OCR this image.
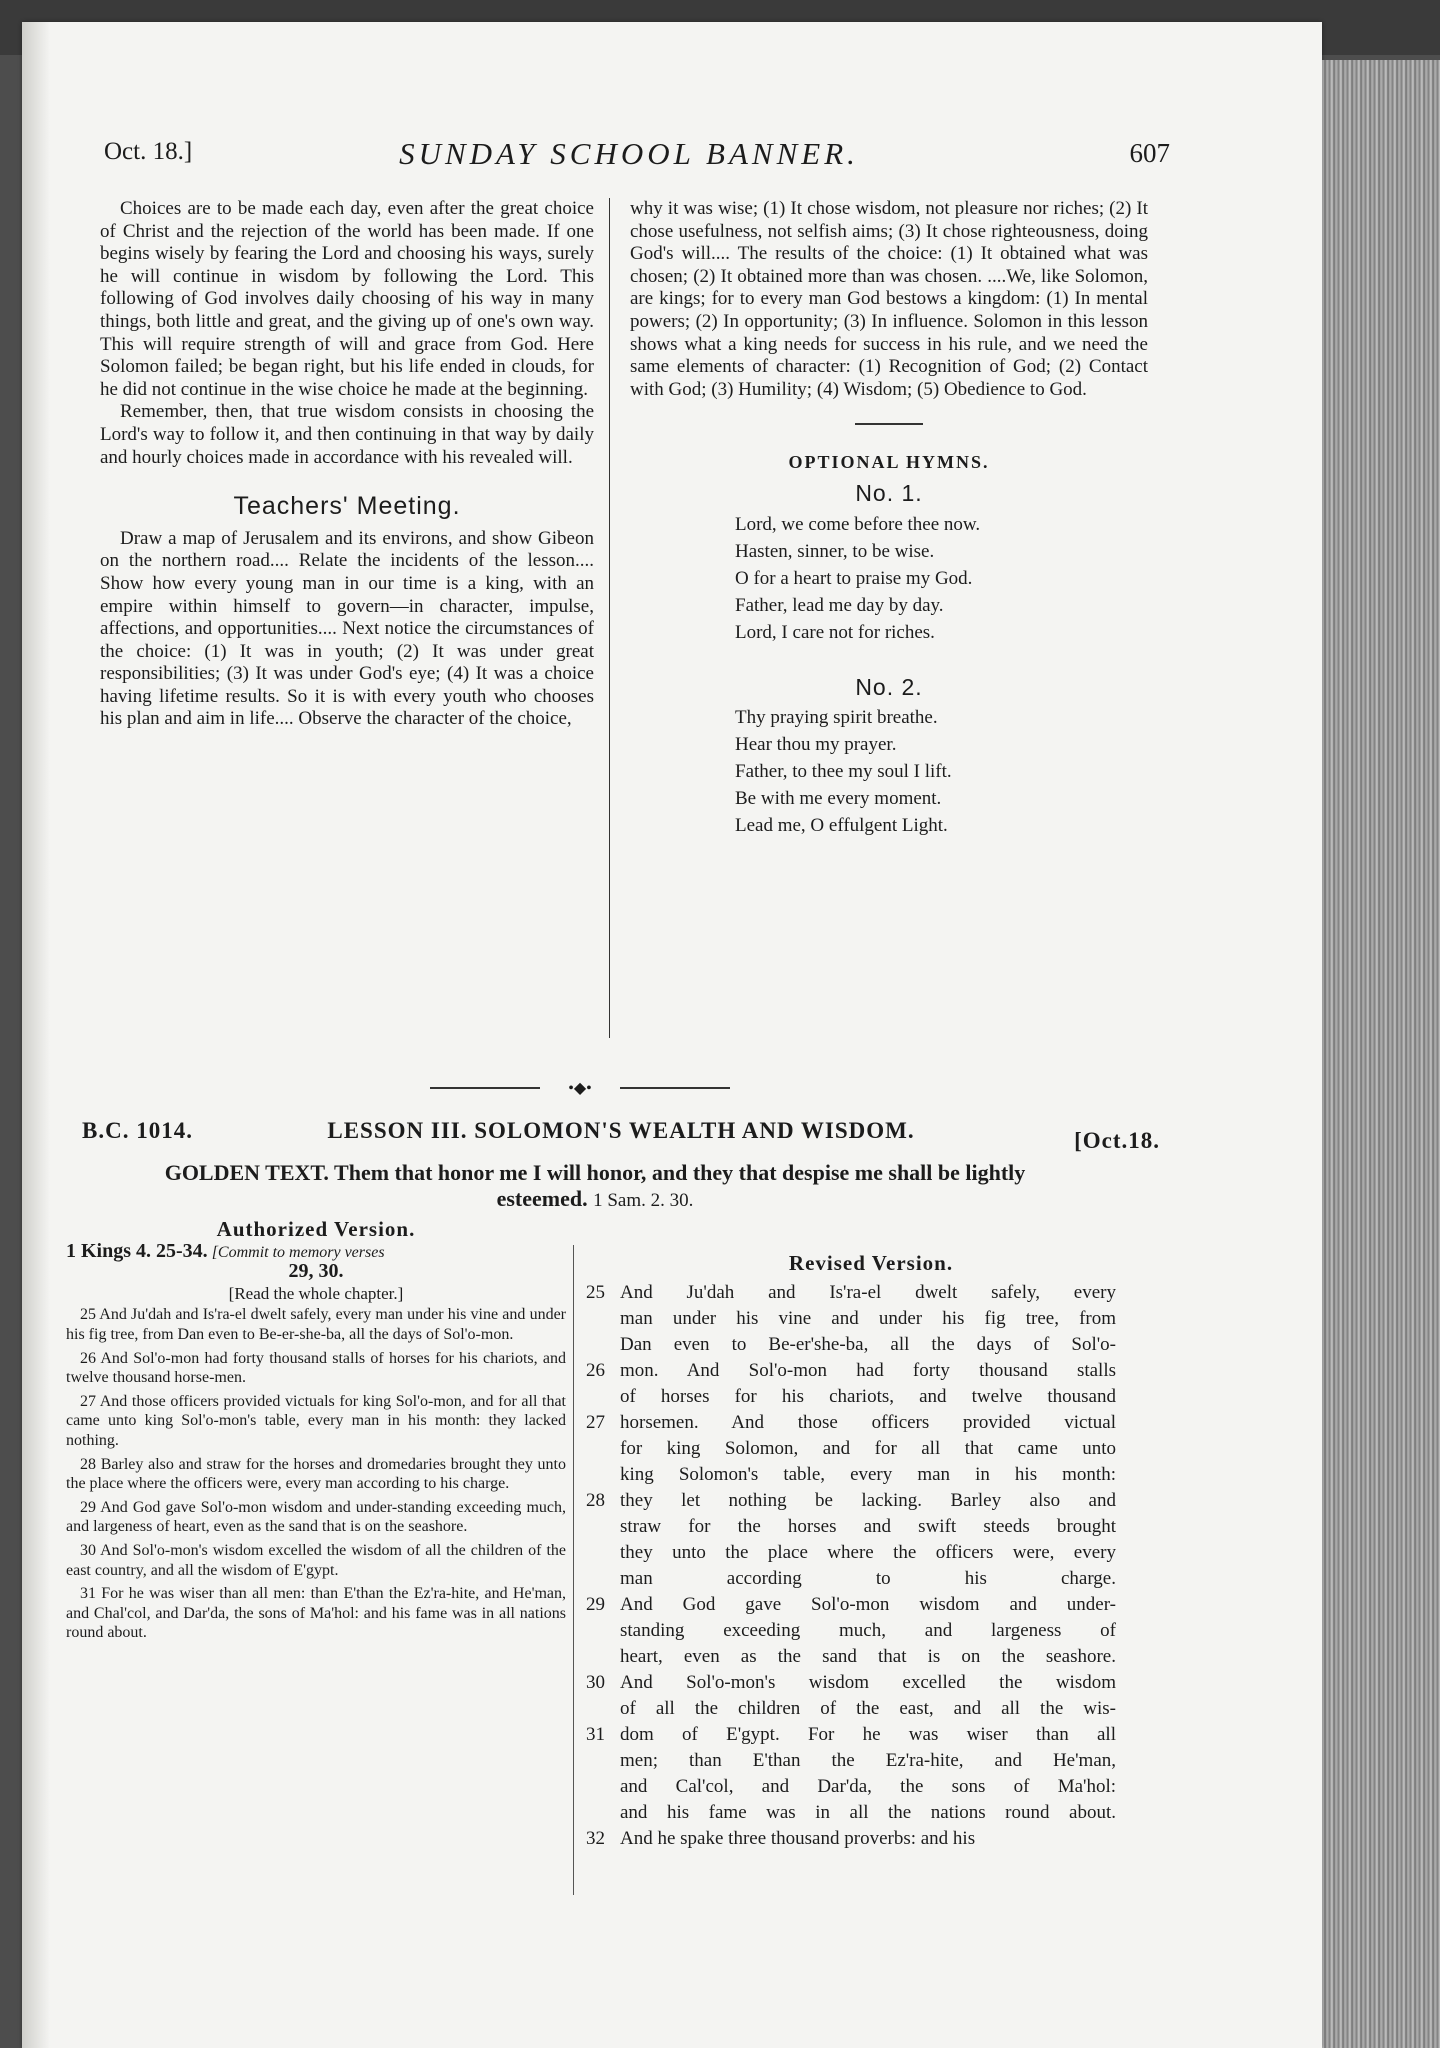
Oct. 18.]	SUNDAY SCHOOL BANNER.	607

Choices are to be made each day, even after the great choice of Christ and the rejection of the world has been made. If one begins wisely by fearing the Lord and choosing his ways, surely he will continue in wisdom by following the Lord. This following of God involves daily choosing of his way in many things, both little and great, and the giving up of one's own way. This will require strength of will and grace from God. Here Solomon failed; be began right, but his life ended in clouds, for he did not continue in the wise choice he made at the beginning.

Remember, then, that true wisdom consists in choosing the Lord's way to follow it, and then continuing in that way by daily and hourly choices made in accordance with his revealed will.

Teachers' Meeting.

Draw a map of Jerusalem and its environs, and show Gibeon on the northern road.... Relate the incidents of the lesson.... Show how every young man in our time is a king, with an empire within himself to govern—in character, impulse, affections, and opportunities.... Next notice the circumstances of the choice: (1) It was in youth; (2) It was under great responsibilities; (3) It was under God's eye; (4) It was a choice having lifetime results. So it is with every youth who chooses his plan and aim in life.... Observe the character of the choice,

why it was wise; (1) It chose wisdom, not pleasure nor riches; (2) It chose usefulness, not selfish aims; (3) It chose righteousness, doing God's will.... The results of the choice: (1) It obtained what was chosen; (2) It obtained more than was chosen. ....We, like Solomon, are kings; for to every man God bestows a kingdom: (1) In mental powers; (2) In opportunity; (3) In influence. Solomon in this lesson shows what a king needs for success in his rule, and we need the same elements of character: (1) Recognition of God; (2) Contact with God; (3) Humility; (4) Wisdom; (5) Obedience to God.

OPTIONAL HYMNS.
No. 1.
Lord, we come before thee now.
Hasten, sinner, to be wise.
O for a heart to praise my God.
Father, lead me day by day.
Lord, I care not for riches.
No. 2.
Thy praying spirit breathe.
Hear thou my prayer.
Father, to thee my soul I lift.
Be with me every moment.
Lead me, O effulgent Light.
•◆•
B.C. 1014.	LESSON III. SOLOMON'S WEALTH AND WISDOM.	[Oct.18.
GOLDEN TEXT. Them that honor me I will honor, and they that despise me shall be lightly esteemed. 1 Sam. 2. 30.
Authorized Version.
1 Kings 4. 25-34. [Commit to memory verses
29, 30.
[Read the whole chapter.]

25 And Ju'dah and Is'ra-el dwelt safely, every man under his vine and under his fig tree, from Dan even to Be-er-she-ba, all the days of Sol'o-mon.

26 And Sol'o-mon had forty thousand stalls of horses for his chariots, and twelve thousand horse-men.

27 And those officers provided victuals for king Sol'o-mon, and for all that came unto king Sol'o-mon's table, every man in his month: they lacked nothing.

28 Barley also and straw for the horses and dromedaries brought they unto the place where the officers were, every man according to his charge.

29 And God gave Sol'o-mon wisdom and under-standing exceeding much, and largeness of heart, even as the sand that is on the seashore.

30 And Sol'o-mon's wisdom excelled the wisdom of all the children of the east country, and all the wisdom of E'gypt.

31 For he was wiser than all men: than E'than the Ez'ra-hite, and He'man, and Chal'col, and Dar'da, the sons of Ma'hol: and his fame was in all nations round about.

Revised Version.
25 And Ju'dah and Is'ra-el dwelt safely, every
man under his vine and under his fig tree, from
Dan even to Be-er'she-ba, all the days of Sol'o-
26 mon. And Sol'o-mon had forty thousand stalls
of horses for his chariots, and twelve thousand
27 horsemen. And those officers provided victual
for king Solomon, and for all that came unto
king Solomon's table, every man in his month:
28 they let nothing be lacking. Barley also and
straw for the horses and swift steeds brought
they unto the place where the officers were, every
man according to his charge.
29 And God gave Sol'o-mon wisdom and under-
standing exceeding much, and largeness of
heart, even as the sand that is on the seashore.
30 And Sol'o-mon's wisdom excelled the wisdom
of all the children of the east, and all the wis-
31 dom of E'gypt. For he was wiser than all
men; than E'than the Ez'ra-hite, and He'man,
and Cal'col, and Dar'da, the sons of Ma'hol:
and his fame was in all the nations round about.
32 And he spake three thousand proverbs: and his
